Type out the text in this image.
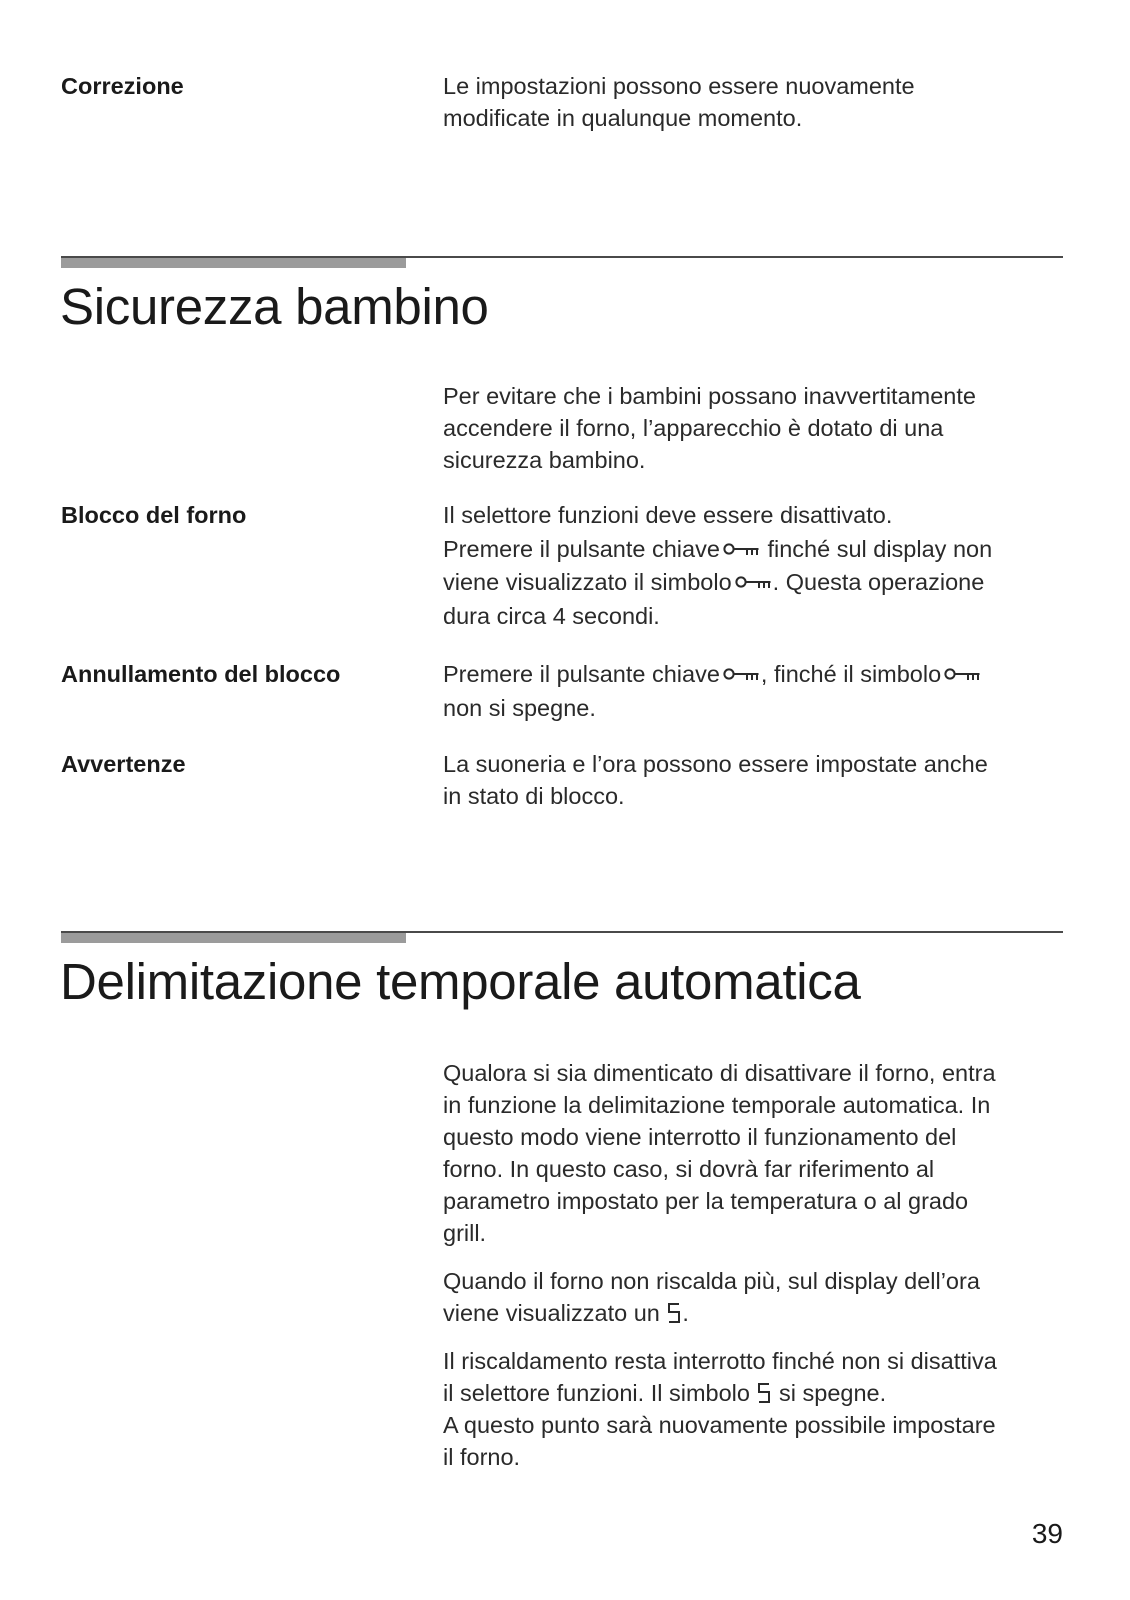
Correzione	Le impostazioni possono essere nuovamente

modificate in qualunque momento.

Sicurezza bambino

Per evitare che i bambini possano inavvertitamente

accendere il forno, l’apparecchio è dotato di una

sicurezza bambino.

Blocco del forno	Il selettore funzioni deve essere disattivato.

Premere il pulsante chiave finché sul display non

viene visualizzato il simbolo . Questa operazione

dura circa 4 secondi.

Annullamento del blocco	Premere il pulsante chiave , finché il simbolo

non si spegne.

Avvertenze	La suoneria e l’ora possono essere impostate anche

in stato di blocco.

Delimitazione temporale automatica

Qualora si sia dimenticato di disattivare il forno, entra

in funzione la delimitazione temporale automatica. In

questo modo viene interrotto il funzionamento del

forno. In questo caso, si dovrà far riferimento al

parametro impostato per la temperatura o al grado

grill.

Quando il forno non riscalda più, sul display dell’ora

viene visualizzato un .

Il riscaldamento resta interrotto finché non si disattiva

il selettore funzioni. Il simbolo  si spegne.

A questo punto sarà nuovamente possibile impostare

il forno.

39
